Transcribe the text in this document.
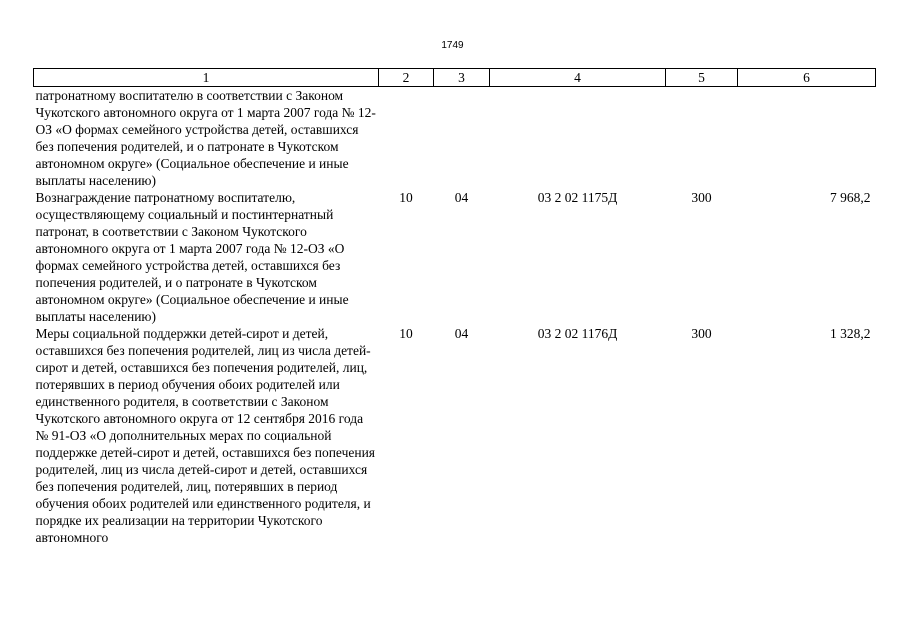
1749
1	2	3	4	5	6
патронатному воспитателю в соответствии с Законом Чукотского автономного округа от 1 марта 2007 года № 12-ОЗ «О формах семейного устройства детей, оставшихся без попечения родителей, и о патронате в Чукотском автономном округе» (Социальное обеспечение и иные выплаты населению)					
Вознаграждение патронатному воспитателю, осуществляющему социальный и постинтернатный патронат, в соответствии с Законом Чукотского автономного округа от 1 марта 2007 года № 12-ОЗ «О формах семейного устройства детей, оставшихся без попечения родителей, и о патронате в Чукотском автономном округе» (Социальное обеспечение и иные выплаты населению)	10	04	03 2 02 1175Д	300	7 968,2
Меры социальной поддержки детей-сирот и детей, оставшихся без попечения родителей, лиц из числа детей-сирот и детей, оставшихся без попечения родителей, лиц, потерявших в период обучения обоих родителей или единственного родителя, в соответствии с Законом Чукотского автономного округа от 12 сентября 2016 года № 91-ОЗ «О дополнительных мерах по социальной поддержке детей-сирот и детей, оставшихся без попечения родителей, лиц из числа детей-сирот и детей, оставшихся без попечения родителей, лиц, потерявших в период обучения обоих родителей или единственного родителя, и порядке их реализации на территории Чукотского автономного	10	04	03 2 02 1176Д	300	1 328,2
